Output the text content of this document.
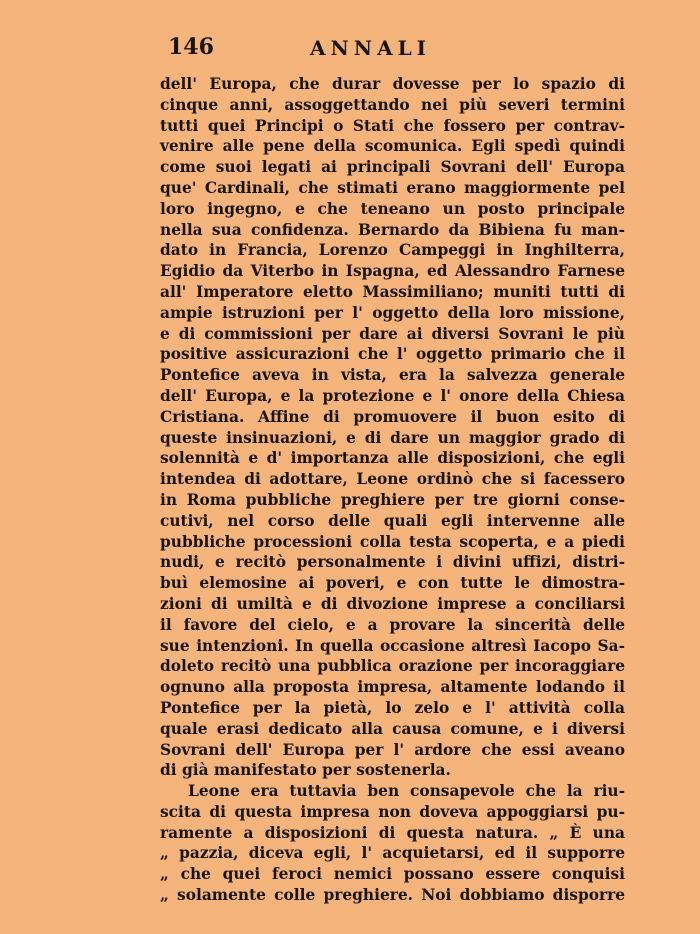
146	ANNALI
dell' Europa, che durar dovesse per lo spazio di
cinque anni, assoggettando nei più severi termini
tutti quei Principi o Stati che fossero per contrav-
venire alle pene della scomunica. Egli spedì quindi
come suoi legati ai principali Sovrani dell' Europa
que' Cardinali, che stimati erano maggiormente pel
loro ingegno, e che teneano un posto principale
nella sua confidenza. Bernardo da Bibiena fu man-
dato in Francia, Lorenzo Campeggi in Inghilterra,
Egidio da Viterbo in Ispagna, ed Alessandro Farnese
all' Imperatore eletto Massimiliano; muniti tutti di
ampie istruzioni per l' oggetto della loro missione,
e di commissioni per dare ai diversi Sovrani le più
positive assicurazioni che l' oggetto primario che il
Pontefice aveva in vista, era la salvezza generale
dell' Europa, e la protezione e l' onore della Chiesa
Cristiana. Affine di promuovere il buon esito di
queste insinuazioni, e di dare un maggior grado di
solennità e d' importanza alle disposizioni, che egli
intendea di adottare, Leone ordinò che si facessero
in Roma pubbliche preghiere per tre giorni conse-
cutivi, nel corso delle quali egli intervenne alle
pubbliche processioni colla testa scoperta, e a piedi
nudi, e recitò personalmente i divini uffizi, distri-
buì elemosine ai poveri, e con tutte le dimostra-
zioni di umiltà e di divozione imprese a conciliarsi
il favore del cielo, e a provare la sincerità delle
sue intenzioni. In quella occasione altresì Iacopo Sa-
doleto recitò una pubblica orazione per incoraggiare
ognuno alla proposta impresa, altamente lodando il
Pontefice per la pietà, lo zelo e l' attività colla
quale erasi dedicato alla causa comune, e i diversi
Sovrani dell' Europa per l' ardore che essi aveano
di già manifestato per sostenerla.
Leone era tuttavia ben consapevole che la riu-
scita di questa impresa non doveva appoggiarsi pu-
ramente a disposizioni di questa natura. „ È una
„ pazzia, diceva egli, l' acquietarsi, ed il supporre
„ che quei feroci nemici possano essere conquisi
„ solamente colle preghiere. Noi dobbiamo disporre
